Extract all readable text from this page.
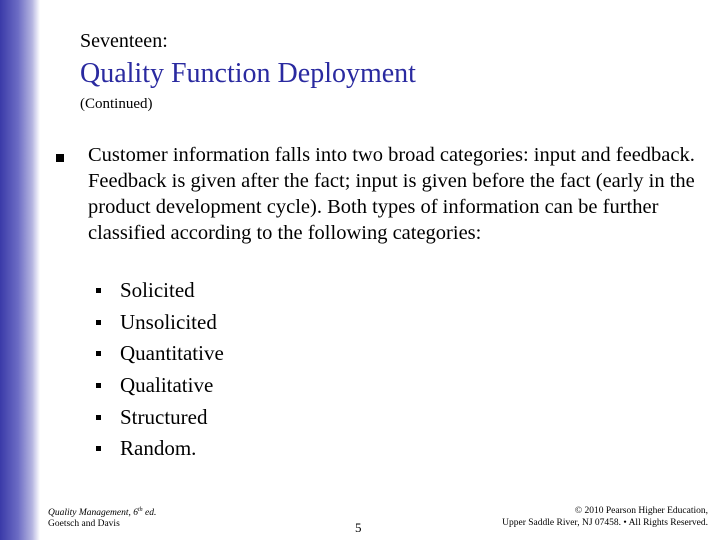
Seventeen:
Quality Function Deployment
(Continued)
Customer information falls into two broad categories: input and feedback. Feedback is given after the fact; input is given before the fact (early in the product development cycle). Both types of information can be further classified according to the following categories:
Solicited
Unsolicited
Quantitative
Qualitative
Structured
Random.
Quality Management, 6th ed.
Goetsch and Davis	5
© 2010 Pearson Higher Education,
Upper Saddle River, NJ 07458. • All Rights Reserved.
